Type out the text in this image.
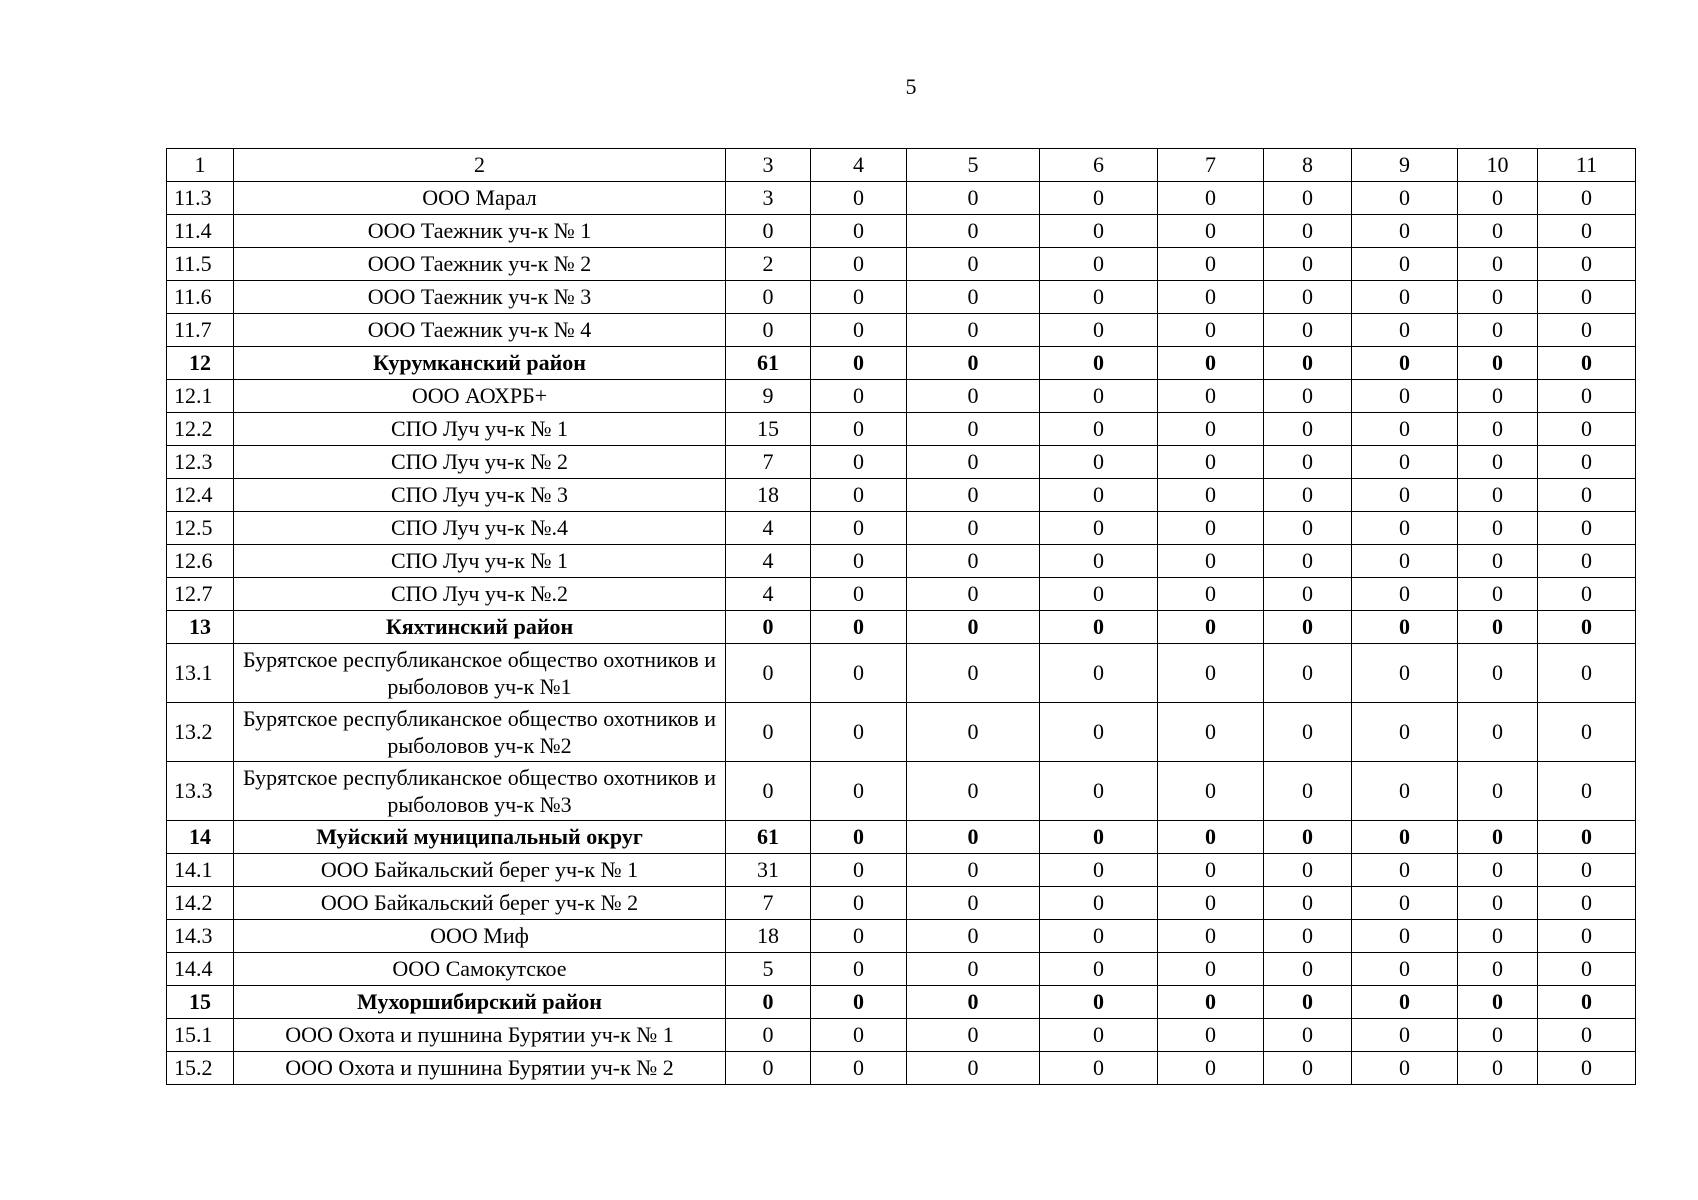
5
1	2	3	4	5	6	7	8	9	10	11
11.3	ООО Марал	3	0	0	0	0	0	0	0	0
11.4	ООО Таежник уч-к № 1	0	0	0	0	0	0	0	0	0
11.5	ООО Таежник уч-к № 2	2	0	0	0	0	0	0	0	0
11.6	ООО Таежник уч-к № 3	0	0	0	0	0	0	0	0	0
11.7	ООО Таежник уч-к № 4	0	0	0	0	0	0	0	0	0
12	Курумканский район	61	0	0	0	0	0	0	0	0
12.1	ООО АОХРБ+	9	0	0	0	0	0	0	0	0
12.2	СПО Луч уч-к № 1	15	0	0	0	0	0	0	0	0
12.3	СПО Луч уч-к № 2	7	0	0	0	0	0	0	0	0
12.4	СПО Луч уч-к № 3	18	0	0	0	0	0	0	0	0
12.5	СПО Луч уч-к №.4	4	0	0	0	0	0	0	0	0
12.6	СПО Луч уч-к № 1	4	0	0	0	0	0	0	0	0
12.7	СПО Луч уч-к №.2	4	0	0	0	0	0	0	0	0
13	Кяхтинский район	0	0	0	0	0	0	0	0	0
13.1	Бурятское республиканское общество охотников и рыболовов уч-к №1	0	0	0	0	0	0	0	0	0
13.2	Бурятское республиканское общество охотников и рыболовов уч-к №2	0	0	0	0	0	0	0	0	0
13.3	Бурятское республиканское общество охотников и рыболовов уч-к №3	0	0	0	0	0	0	0	0	0
14	Муйский муниципальный округ	61	0	0	0	0	0	0	0	0
14.1	ООО Байкальский берег уч-к № 1	31	0	0	0	0	0	0	0	0
14.2	ООО Байкальский берег уч-к № 2	7	0	0	0	0	0	0	0	0
14.3	ООО Миф	18	0	0	0	0	0	0	0	0
14.4	ООО Самокутское	5	0	0	0	0	0	0	0	0
15	Мухоршибирский район	0	0	0	0	0	0	0	0	0
15.1	ООО Охота и пушнина Бурятии уч-к № 1	0	0	0	0	0	0	0	0	0
15.2	ООО Охота и пушнина Бурятии уч-к № 2	0	0	0	0	0	0	0	0	0
